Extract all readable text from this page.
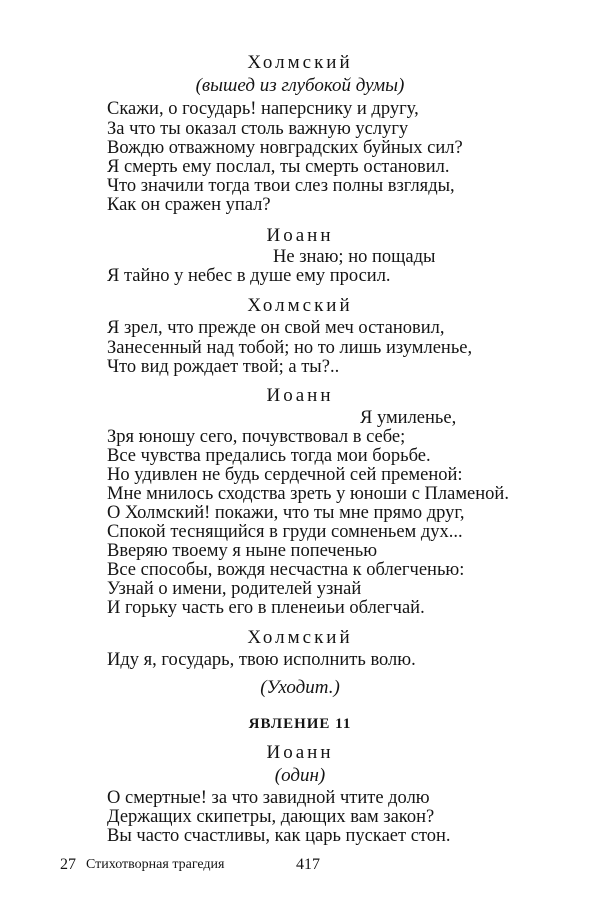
Холмский
(вышед из глубокой думы)
Скажи, о государь! наперснику и другу,
За что ты оказал столь важную услугу
Вождю отважному новградских буйных сил?
Я смерть ему послал, ты смерть остановил.
Что значили тогда твои слез полны взгляды,
Как он сражен упал?
Иоанн
Не знаю; но пощады
Я тайно у небес в душе ему просил.
Холмский
Я зрел, что прежде он свой меч остановил,
Занесенный над тобой; но то лишь изумленье,
Что вид рождает твой; а ты?..
Иоанн
Я умиленье,
Зря юношу сего, почувствовал в себе;
Все чувства предались тогда мои борьбе.
Но удивлен не будь сердечной сей пременой:
Мне мнилось сходства зреть у юноши с Пламеной.
О Холмский! покажи, что ты мне прямо друг,
Спокой теснящийся в груди сомненьем дух...
Вверяю твоему я ныне попеченью
Все способы, вождя несчастна к облегченью:
Узнай о имени, родителей узнай
И горьку часть его в пленеиьи облегчай.
Холмский
Иду я, государь, твою исполнить волю.
(Уходит.)
ЯВЛЕНИЕ 11
Иоанн
(один)
О смертные! за что завидной чтите долю
Держащих скипетры, дающих вам закон?
Вы часто счастливы, как царь пускает стон.
27 Стихотворная трагедия	417
